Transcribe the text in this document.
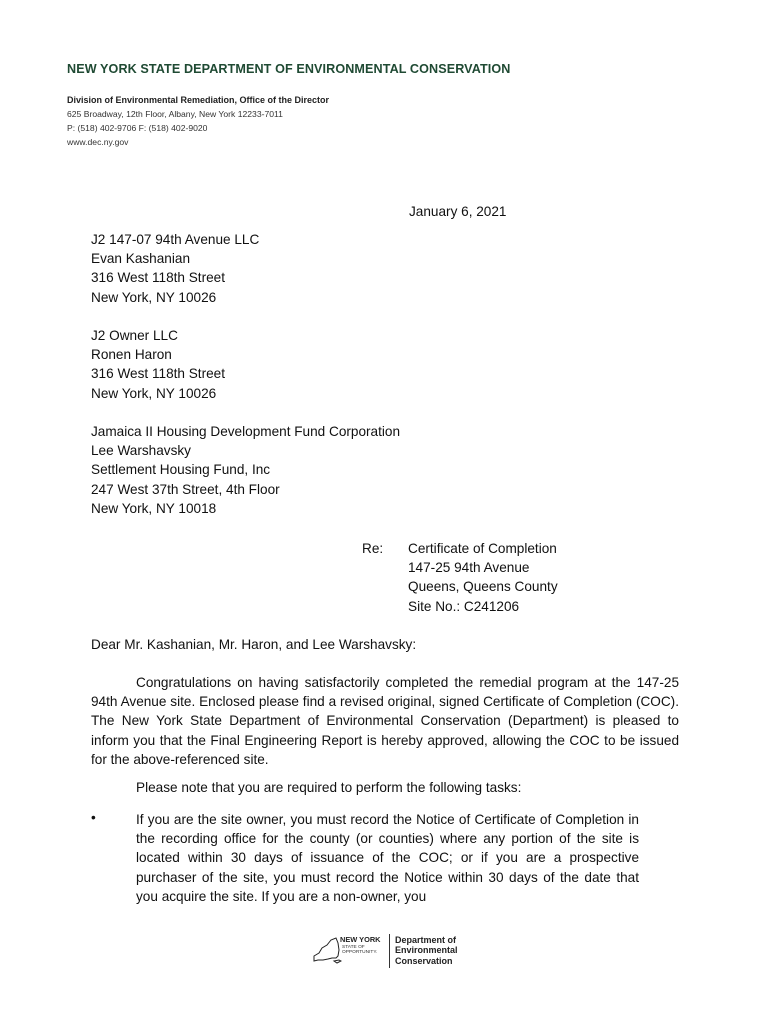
NEW YORK STATE DEPARTMENT OF ENVIRONMENTAL CONSERVATION
Division of Environmental Remediation, Office of the Director
625 Broadway, 12th Floor, Albany, New York 12233-7011
P: (518) 402-9706 F: (518) 402-9020
www.dec.ny.gov
January 6, 2021
J2 147-07 94th Avenue LLC
Evan Kashanian
316 West 118th Street
New York, NY 10026
J2 Owner LLC
Ronen Haron
316 West 118th Street
New York, NY 10026
Jamaica II Housing Development Fund Corporation
Lee Warshavsky
Settlement Housing Fund, Inc
247 West 37th Street, 4th Floor
New York, NY 10018
Re: Certificate of Completion
147-25 94th Avenue
Queens, Queens County
Site No.: C241206
Dear Mr. Kashanian, Mr. Haron, and Lee Warshavsky:

Congratulations on having satisfactorily completed the remedial program at the 147-25 94th Avenue site. Enclosed please find a revised original, signed Certificate of Completion (COC). The New York State Department of Environmental Conservation (Department) is pleased to inform you that the Final Engineering Report is hereby approved, allowing the COC to be issued for the above-referenced site.

Please note that you are required to perform the following tasks:
•	If you are the site owner, you must record the Notice of Certificate of Completion in the recording office for the county (or counties) where any portion of the site is located within 30 days of issuance of the COC; or if you are a prospective purchaser of the site, you must record the Notice within 30 days of the date that you acquire the site. If you are a non-owner, you
NEW YORK
STATE OF
OPPORTUNITY.
Department of
Environmental
Conservation
